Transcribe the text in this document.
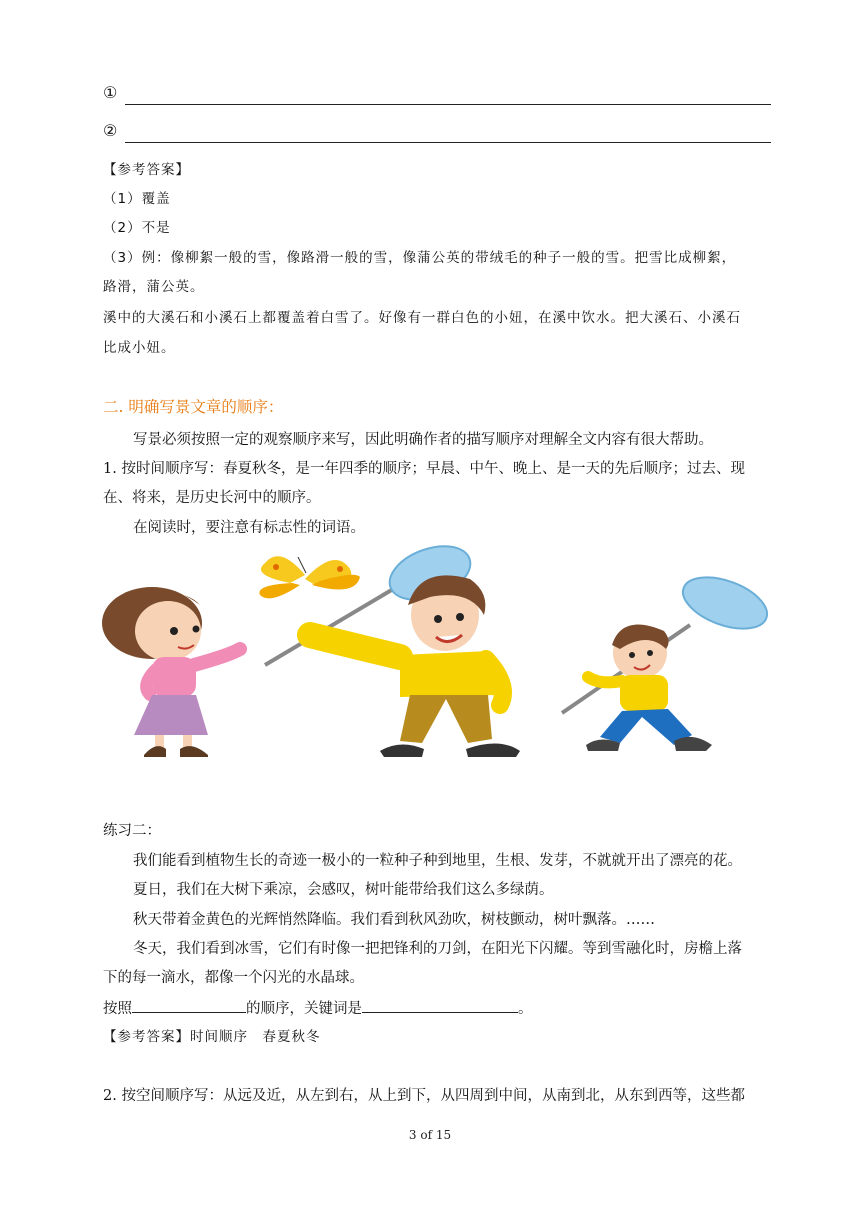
①
②
【参考答案】
（1）覆盖
（2）不是
（3）例：像柳絮一般的雪，像路滑一般的雪，像蒲公英的带绒毛的种子一般的雪。把雪比成柳絮，
路滑，蒲公英。
溪中的大溪石和小溪石上都覆盖着白雪了。好像有一群白色的小妞，在溪中饮水。把大溪石、小溪石
比成小妞。
二. 明确写景文章的顺序：
写景必须按照一定的观察顺序来写，因此明确作者的描写顺序对理解全文内容有很大帮助。
1. 按时间顺序写：春夏秋冬，是一年四季的顺序；早晨、中午、晚上、是一天的先后顺序；过去、现
在、将来，是历史长河中的顺序。
在阅读时，要注意有标志性的词语。
练习二：
我们能看到植物生长的奇迹一极小的一粒种子种到地里，生根、发芽，不就就开出了漂亮的花。
夏日，我们在大树下乘凉，会感叹，树叶能带给我们这么多绿荫。
秋天带着金黄色的光辉悄然降临。我们看到秋风劲吹，树枝颤动，树叶飘落。……
冬天，我们看到冰雪，它们有时像一把把锋利的刀剑，在阳光下闪耀。等到雪融化时，房檐上落
下的每一滴水，都像一个闪光的水晶球。
按照	的顺序，关键词是	。
【参考答案】时间顺序　春夏秋冬
2. 按空间顺序写：从远及近，从左到右，从上到下，从四周到中间，从南到北，从东到西等，这些都
3 of 15
